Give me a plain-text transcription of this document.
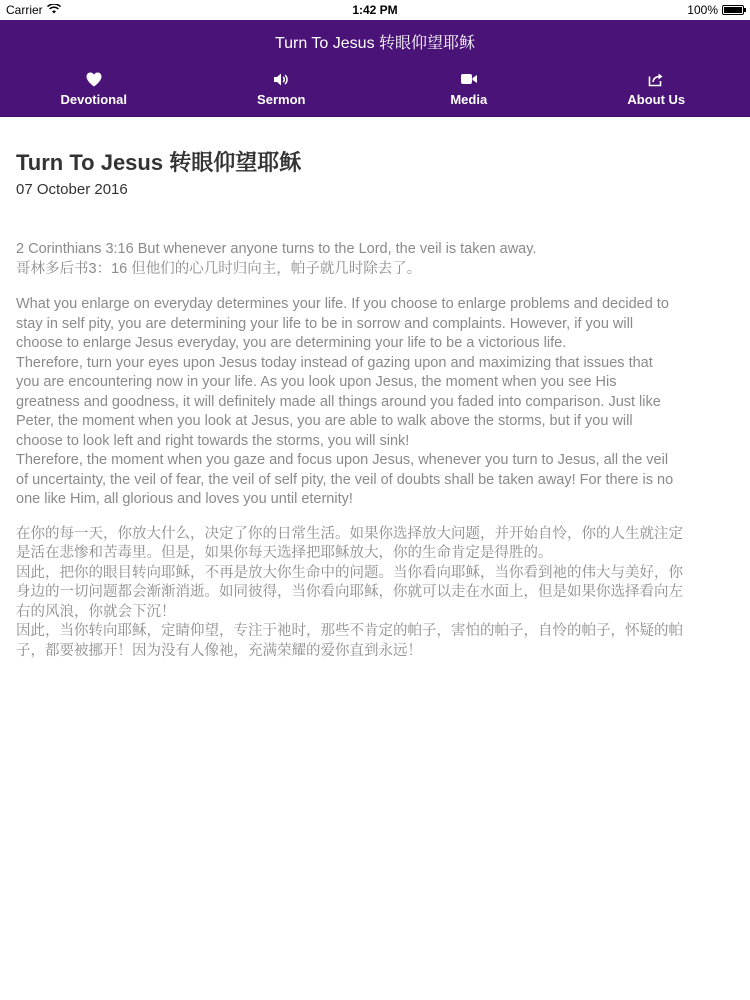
Carrier	1:42 PM	100%
Turn To Jesus 转眼仰望耶稣
Devotional	Sermon	Media	About Us
Turn To Jesus 转眼仰望耶稣
07 October 2016
2 Corinthians 3:16 But whenever anyone turns to the Lord, the veil is taken away.
哥林多后书3：16 但他们的心几时归向主，帕子就几时除去了。
What you enlarge on everyday determines your life. If you choose to enlarge problems and decided to
stay in self pity, you are determining your life to be in sorrow and complaints. However, if you will
choose to enlarge Jesus everyday, you are determining your life to be a victorious life.
Therefore, turn your eyes upon Jesus today instead of gazing upon and maximizing that issues that
you are encountering now in your life. As you look upon Jesus, the moment when you see His
greatness and goodness, it will definitely made all things around you faded into comparison. Just like
Peter, the moment when you look at Jesus, you are able to walk above the storms, but if you will
choose to look left and right towards the storms, you will sink!
Therefore, the moment when you gaze and focus upon Jesus, whenever you turn to Jesus, all the veil
of uncertainty, the veil of fear, the veil of self pity, the veil of doubts shall be taken away! For there is no
one like Him, all glorious and loves you until eternity!
在你的每一天，你放大什么，决定了你的日常生活。如果你选择放大问题，并开始自怜，你的人生就注定
是活在悲惨和苦毒里。但是，如果你每天选择把耶稣放大，你的生命肯定是得胜的。
因此，把你的眼目转向耶稣，不再是放大你生命中的问题。当你看向耶稣，当你看到祂的伟大与美好，你
身边的一切问题都会渐渐消逝。如同彼得，当你看向耶稣，你就可以走在水面上，但是如果你选择看向左
右的风浪，你就会下沉！
因此，当你转向耶稣，定睛仰望，专注于祂时，那些不肯定的帕子，害怕的帕子，自怜的帕子，怀疑的帕
子，都要被挪开！因为没有人像祂，充满荣耀的爱你直到永远！
